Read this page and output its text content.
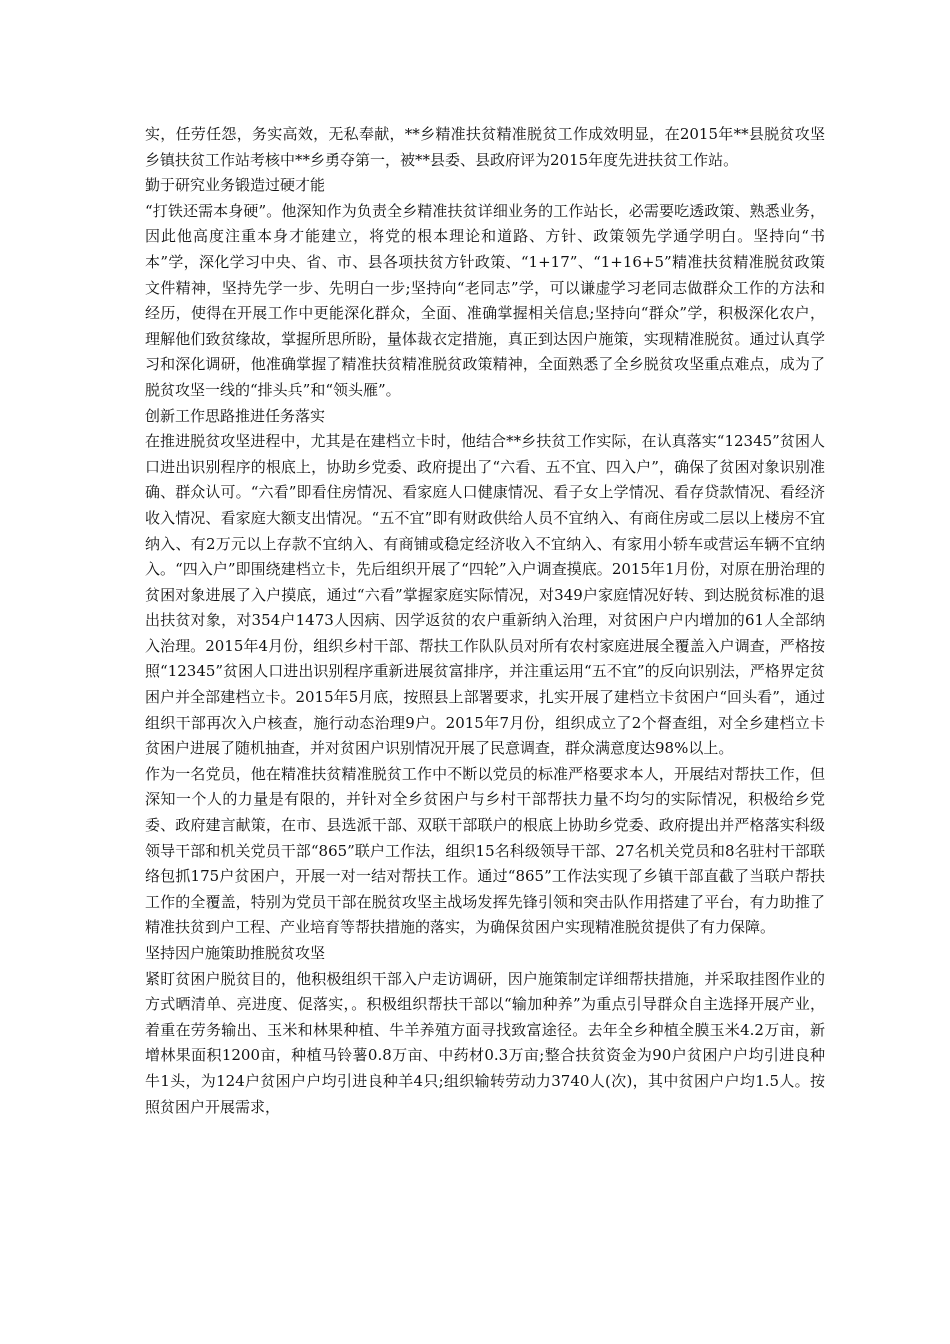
实，任劳任怨，务实高效，无私奉献，**乡精准扶贫精准脱贫工作成效明显，在2015年**县脱贫攻坚乡镇扶贫工作站考核中**乡勇夺第一，被**县委、县政府评为2015年度先进扶贫工作站。

勤于研究业务锻造过硬才能

“打铁还需本身硬”。他深知作为负责全乡精准扶贫详细业务的工作站长，必需要吃透政策、熟悉业务，因此他高度注重本身才能建立，将党的根本理论和道路、方针、政策领先学通学明白。坚持向“书本”学，深化学习中央、省、市、县各项扶贫方针政策、“1+17”、“1+16+5”精准扶贫精准脱贫政策文件精神，坚持先学一步、先明白一步;坚持向“老同志”学，可以谦虚学习老同志做群众工作的方法和经历，使得在开展工作中更能深化群众，全面、准确掌握相关信息;坚持向“群众”学，积极深化农户，理解他们致贫缘故，掌握所思所盼，量体裁衣定措施，真正到达因户施策，实现精准脱贫。通过认真学习和深化调研，他准确掌握了精准扶贫精准脱贫政策精神，全面熟悉了全乡脱贫攻坚重点难点，成为了脱贫攻坚一线的“排头兵”和“领头雁”。

创新工作思路推进任务落实

在推进脱贫攻坚进程中，尤其是在建档立卡时，他结合**乡扶贫工作实际，在认真落实“12345”贫困人口进出识别程序的根底上，协助乡党委、政府提出了“六看、五不宜、四入户”，确保了贫困对象识别准确、群众认可。“六看”即看住房情况、看家庭人口健康情况、看子女上学情况、看存贷款情况、看经济收入情况、看家庭大额支出情况。“五不宜”即有财政供给人员不宜纳入、有商住房或二层以上楼房不宜纳入、有2万元以上存款不宜纳入、有商铺或稳定经济收入不宜纳入、有家用小轿车或营运车辆不宜纳入。“四入户”即围绕建档立卡，先后组织开展了“四轮”入户调查摸底。2015年1月份，对原在册治理的贫困对象进展了入户摸底，通过“六看”掌握家庭实际情况，对349户家庭情况好转、到达脱贫标准的退出扶贫对象，对354户1473人因病、因学返贫的农户重新纳入治理，对贫困户户内增加的61人全部纳入治理。2015年4月份，组织乡村干部、帮扶工作队队员对所有农村家庭进展全覆盖入户调查，严格按照“12345”贫困人口进出识别程序重新进展贫富排序，并注重运用“五不宜”的反向识别法，严格界定贫困户并全部建档立卡。2015年5月底，按照县上部署要求，扎实开展了建档立卡贫困户“回头看”，通过组织干部再次入户核查，施行动态治理9户。2015年7月份，组织成立了2个督查组，对全乡建档立卡贫困户进展了随机抽查，并对贫困户识别情况开展了民意调查，群众满意度达98%以上。

作为一名党员，他在精准扶贫精准脱贫工作中不断以党员的标准严格要求本人，开展结对帮扶工作，但深知一个人的力量是有限的，并针对全乡贫困户与乡村干部帮扶力量不均匀的实际情况，积极给乡党委、政府建言献策，在市、县选派干部、双联干部联户的根底上协助乡党委、政府提出并严格落实科级领导干部和机关党员干部“865”联户工作法，组织15名科级领导干部、27名机关党员和8名驻村干部联络包抓175户贫困户，开展一对一结对帮扶工作。通过“865”工作法实现了乡镇干部直截了当联户帮扶工作的全覆盖，特别为党员干部在脱贫攻坚主战场发挥先锋引领和突击队作用搭建了平台，有力助推了精准扶贫到户工程、产业培育等帮扶措施的落实，为确保贫困户实现精准脱贫提供了有力保障。

坚持因户施策助推脱贫攻坚

紧盯贫困户脱贫目的，他积极组织干部入户走访调研，因户施策制定详细帮扶措施，并采取挂图作业的方式晒清单、亮进度、促落实，。积极组织帮扶干部以“输加种养”为重点引导群众自主选择开展产业，着重在劳务输出、玉米和林果种植、牛羊养殖方面寻找致富途径。去年全乡种植全膜玉米4.2万亩，新增林果面积1200亩，种植马铃薯0.8万亩、中药材0.3万亩;整合扶贫资金为90户贫困户户均引进良种牛1头，为124户贫困户户均引进良种羊4只;组织输转劳动力3740人(次)，其中贫困户户均1.5人。按照贫困户开展需求，
